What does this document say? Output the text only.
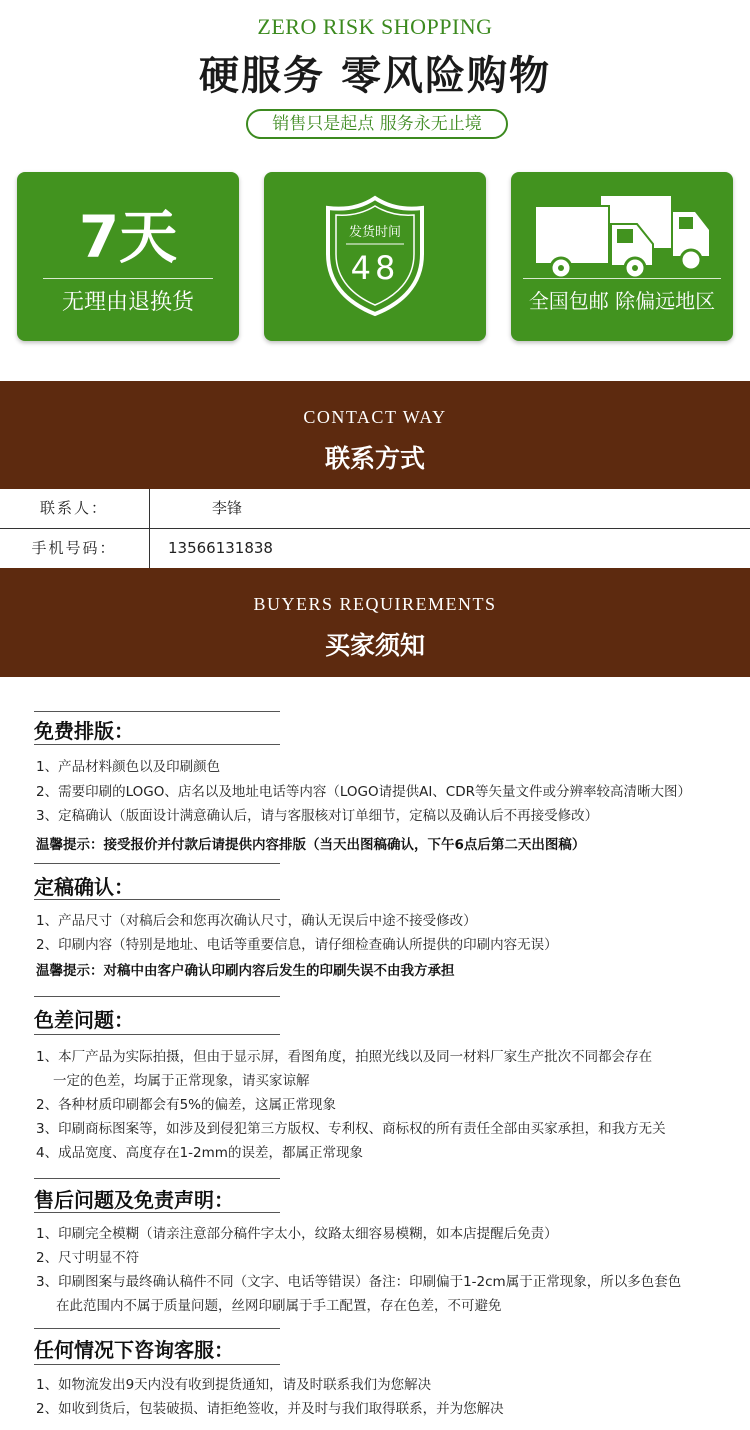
ZERO RISK SHOPPING
硬服务 零风险购物
销售只是起点 服务永无止境
7天
无理由退换货
发货时间
48
全国包邮 除偏远地区
CONTACT WAY
联系方式
联系人：	李锋
手机号码：	13566131838
BUYERS REQUIREMENTS
买家须知
免费排版：
1、产品材料颜色以及印刷颜色
2、需要印刷的LOGO、店名以及地址电话等内容（LOGO请提供AI、CDR等矢量文件或分辨率较高清晰大图）
3、定稿确认（版面设计满意确认后，请与客服核对订单细节，定稿以及确认后不再接受修改）
温馨提示：接受报价并付款后请提供内容排版（当天出图稿确认，下午6点后第二天出图稿）
定稿确认：
1、产品尺寸（对稿后会和您再次确认尺寸，确认无误后中途不接受修改）
2、印刷内容（特别是地址、电话等重要信息，请仔细检查确认所提供的印刷内容无误）
温馨提示：对稿中由客户确认印刷内容后发生的印刷失误不由我方承担
色差问题：
1、本厂产品为实际拍摄，但由于显示屏，看图角度，拍照光线以及同一材料厂家生产批次不同都会存在
一定的色差，均属于正常现象，请买家谅解
2、各种材质印刷都会有5%的偏差，这属正常现象
3、印刷商标图案等，如涉及到侵犯第三方版权、专利权、商标权的所有责任全部由买家承担，和我方无关
4、成品宽度、高度存在1-2mm的误差，都属正常现象
售后问题及免责声明：
1、印刷完全模糊（请亲注意部分稿件字太小，纹路太细容易模糊，如本店提醒后免责）
2、尺寸明显不符
3、印刷图案与最终确认稿件不同（文字、电话等错误）备注：印刷偏于1-2cm属于正常现象，所以多色套色
在此范围内不属于质量问题，丝网印刷属于手工配置，存在色差，不可避免
任何情况下咨询客服：
1、如物流发出9天内没有收到提货通知，请及时联系我们为您解决
2、如收到货后，包装破损、请拒绝签收，并及时与我们取得联系，并为您解决
